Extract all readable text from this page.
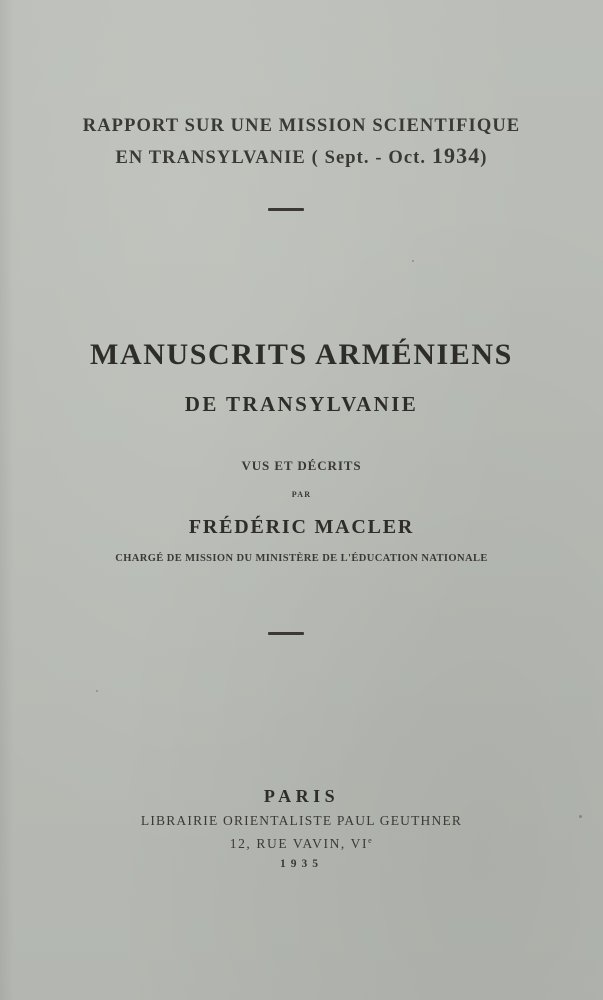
RAPPORT SUR UNE MISSION SCIENTIFIQUE
EN TRANSYLVANIE ( Sept. - Oct. 1934)
MANUSCRITS ARMÉNIENS
DE TRANSYLVANIE
VUS ET DÉCRITS
PAR
FRÉDÉRIC MACLER
CHARGÉ DE MISSION DU MINISTÈRE DE L'ÉDUCATION NATIONALE
PARIS
LIBRAIRIE ORIENTALISTE PAUL GEUTHNER
12, RUE VAVIN, VIe
1935
